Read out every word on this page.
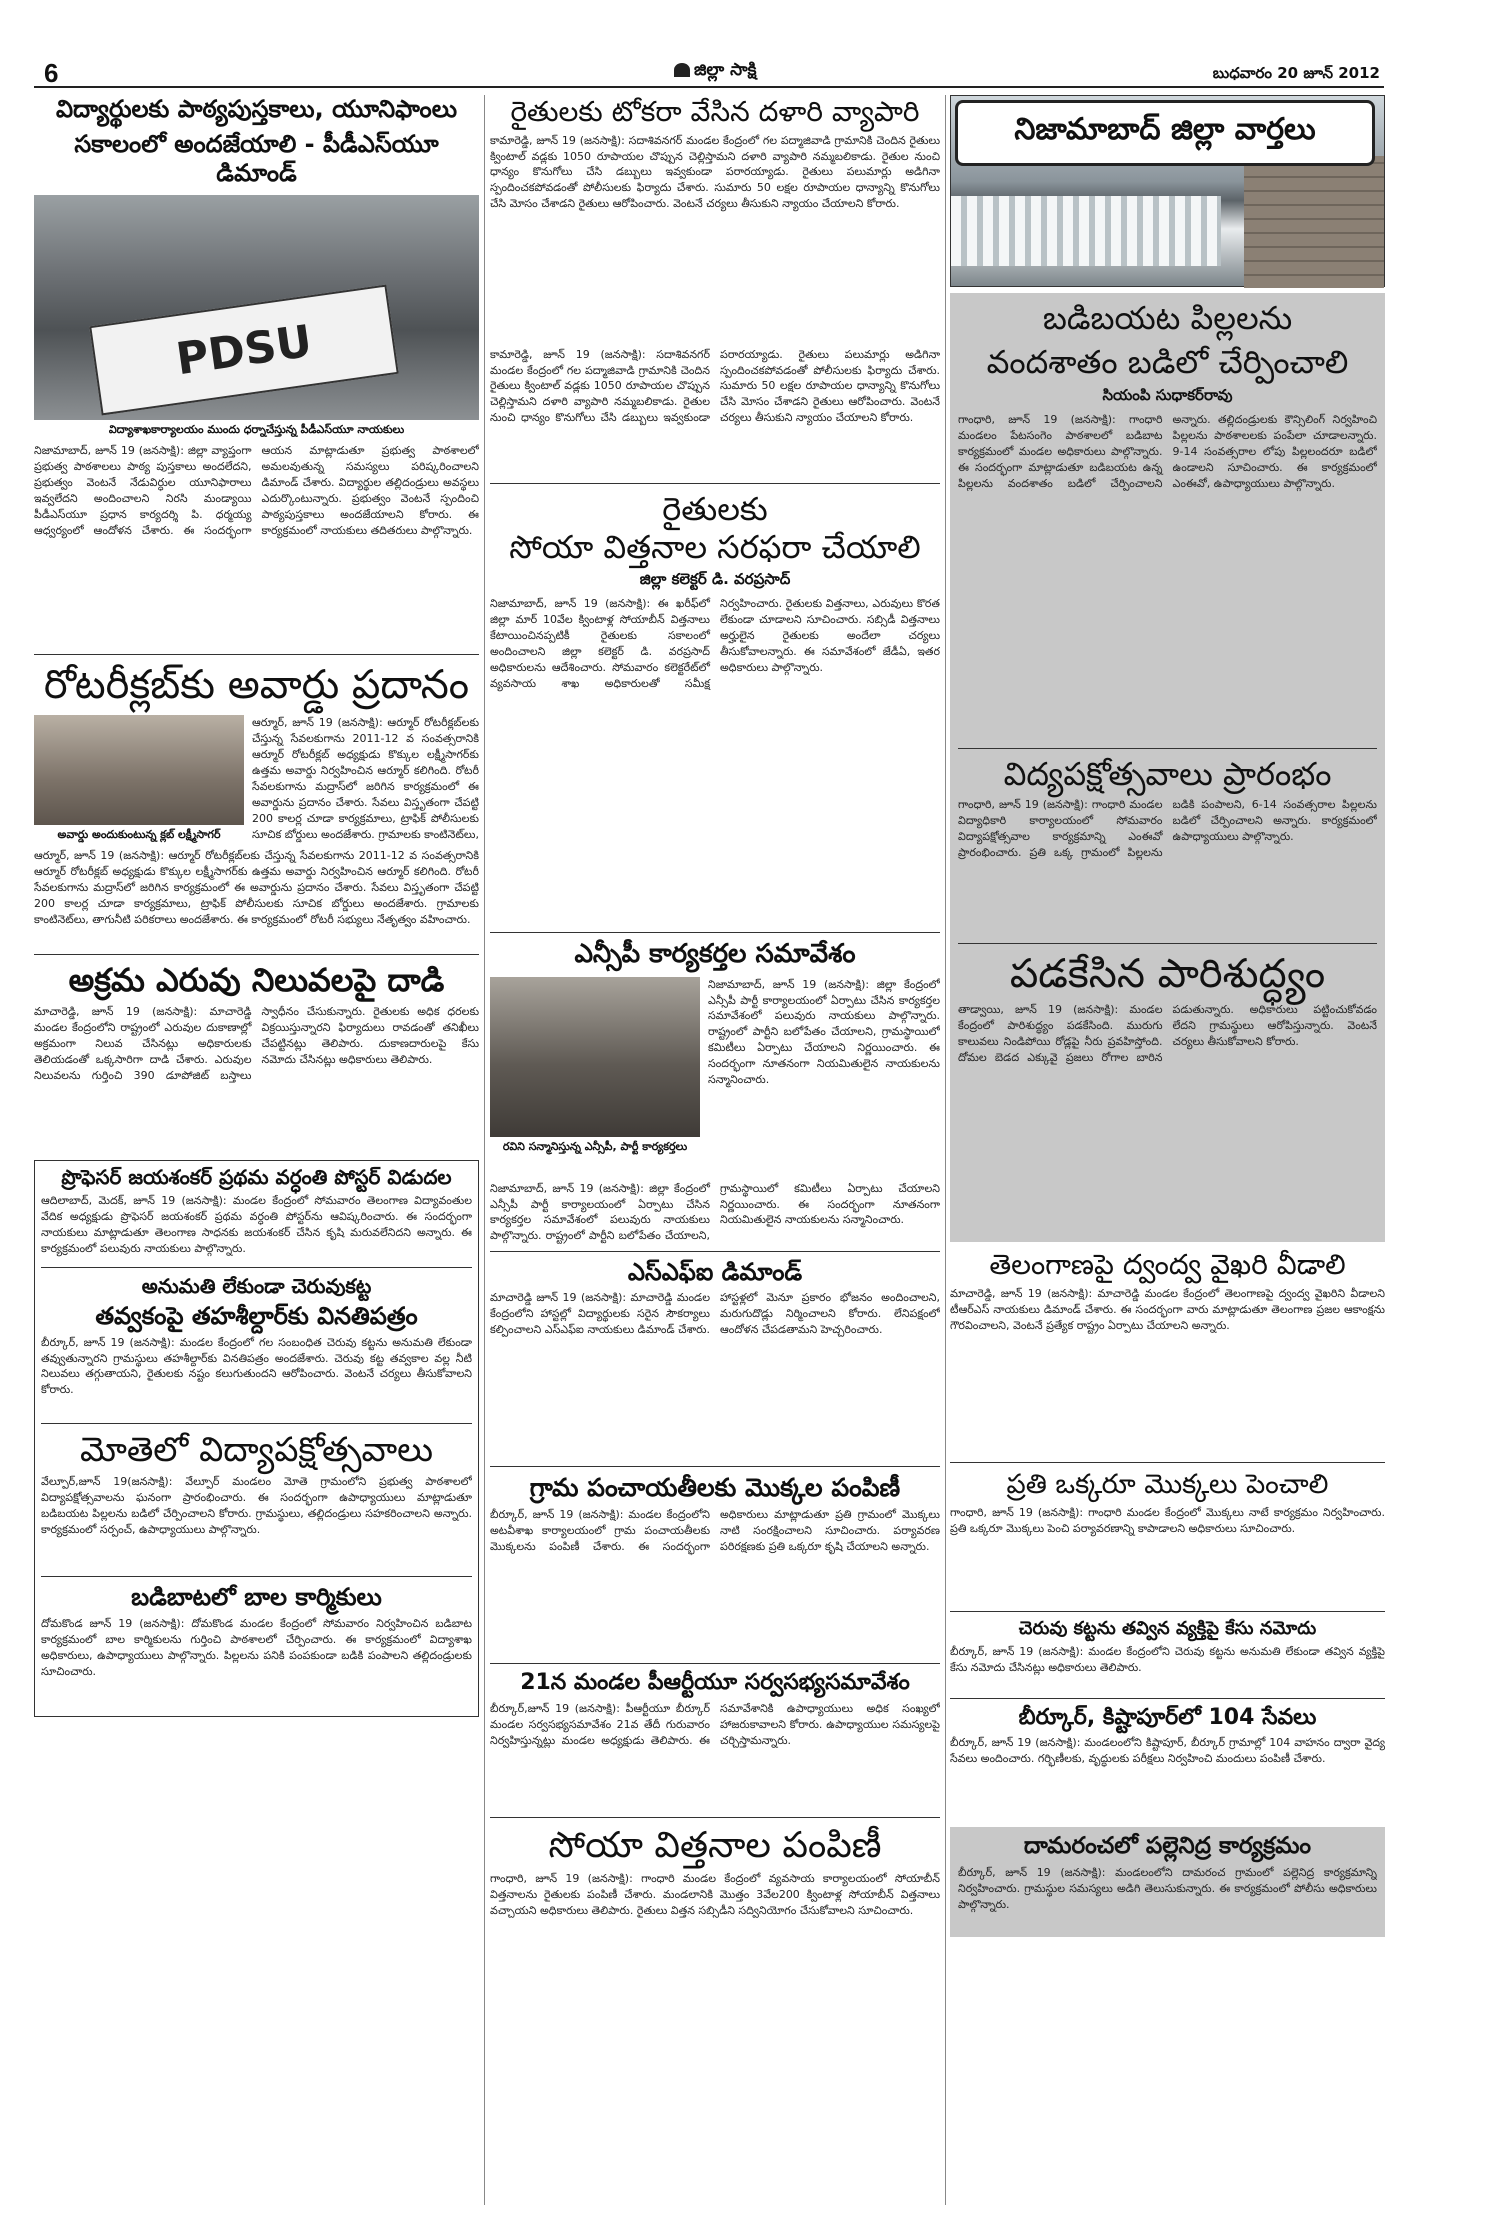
6	జిల్లా సాక్షి	బుధవారం 20 జూన్ 2012
విద్యార్థులకు పాఠ్యపుస్తకాలు, యూనిఫాంలు
సకాలంలో అందజేయాలి - పీడీఎస్‌యూ డిమాండ్
PDSU
విద్యాశాఖకార్యాలయం ముందు ధర్నాచేస్తున్న పీడీఎస్‌యూ నాయకులు
నిజామాబాద్, జూన్ 19 (జనసాక్షి): జిల్లా వ్యాప్తంగా ప్రభుత్వ పాఠశాలలు పాఠ్య పుస్తకాలు అందలేదని, ప్రభుత్వం వెంటనే నేడువిర్ధుల యూనిఫారాలు ఇవ్వలేదని అందించాలని నిరసి మండ్యాయి పీడీఎస్‌యూ ప్రధాన కార్యదర్శి పి. ధర్మయ్య ఆధ్వర్యంలో ఆందోళన చేశారు. ఈ సందర్భంగా ఆయన మాట్లాడుతూ ప్రభుత్వ పాఠశాలలో అమలవుతున్న సమస్యలు పరిష్కరించాలని డిమాండ్ చేశారు. విద్యార్థుల తల్లిదండ్రులు అవస్థలు ఎదుర్కొంటున్నారు. ప్రభుత్వం వెంటనే స్పందించి పాఠ్యపుస్తకాలు అందజేయాలని కోరారు. ఈ కార్యక్రమంలో నాయకులు తదితరులు పాల్గొన్నారు.
రోటరీక్లబ్‌కు అవార్డు ప్రదానం
అవార్డు అందుకుంటున్న క్లబ్ లక్ష్మీసాగర్
ఆర్మూర్, జూన్ 19 (జనసాక్షి): ఆర్మూర్ రోటరీక్లబ్‌లకు చేస్తున్న సేవలకుగాను 2011-12 వ సంవత్సరానికి ఆర్మూర్ రోటరీక్లబ్ అధ్యక్షుడు కొక్కుల లక్ష్మీసాగర్‌కు ఉత్తమ అవార్డు నిర్వహించిన ఆర్మూర్ కలిగింది. రోటరీ సేవలకుగాను మద్రాస్‌లో జరిగిన కార్యక్రమంలో ఈ అవార్డును ప్రదానం చేశారు. సేవలు విస్తృతంగా చేపట్టి 200 కాలర్ల చూడా కార్యక్రమాలు, ట్రాఫిక్ పోలీసులకు సూచిక బోర్డులు అందజేశారు. గ్రామాలకు కాంటినెట్‌లు,
ఆర్మూర్, జూన్ 19 (జనసాక్షి): ఆర్మూర్ రోటరీక్లబ్‌లకు చేస్తున్న సేవలకుగాను 2011-12 వ సంవత్సరానికి ఆర్మూర్ రోటరీక్లబ్ అధ్యక్షుడు కొక్కుల లక్ష్మీసాగర్‌కు ఉత్తమ అవార్డు నిర్వహించిన ఆర్మూర్ కలిగింది. రోటరీ సేవలకుగాను మద్రాస్‌లో జరిగిన కార్యక్రమంలో ఈ అవార్డును ప్రదానం చేశారు. సేవలు విస్తృతంగా చేపట్టి 200 కాలర్ల చూడా కార్యక్రమాలు, ట్రాఫిక్ పోలీసులకు సూచిక బోర్డులు అందజేశారు. గ్రామాలకు కాంటినెట్‌లు, తాగునీటి పరికరాలు అందజేశారు. ఈ కార్యక్రమంలో రోటరీ సభ్యులు నేతృత్వం వహించారు.
అక్రమ ఎరువు నిలువలపై దాడి
మాచారెడ్డి, జూన్ 19 (జనసాక్షి): మాచారెడ్డి మండల కేంద్రంలోని రాష్ట్రంలో ఎరువుల దుకాణాల్లో అక్రమంగా నిలువ చేసినట్లు అధికారులకు తెలియడంతో ఒక్కసారిగా దాడి చేశారు. ఎరువుల నిలువలను గుర్తించి 390 డూపోజిట్ బస్తాలు స్వాధీనం చేసుకున్నారు. రైతులకు అధిక ధరలకు విక్రయిస్తున్నారని ఫిర్యాదులు రావడంతో తనిఖీలు చేపట్టినట్లు తెలిపారు. దుకాణదారులపై కేసు నమోదు చేసినట్లు అధికారులు తెలిపారు.
ప్రొఫెసర్ జయశంకర్ ప్రథమ వర్ధంతి పోస్టర్ విడుదల
ఆదిలాబాద్, మెదక్, జూన్ 19 (జనసాక్షి): మండల కేంద్రంలో సోమవారం తెలంగాణ విద్యావంతుల వేదిక అధ్యక్షుడు ప్రొఫెసర్ జయశంకర్ ప్రథమ వర్ధంతి పోస్టర్‌ను ఆవిష్కరించారు. ఈ సందర్భంగా నాయకులు మాట్లాడుతూ తెలంగాణ సాధనకు జయశంకర్ చేసిన కృషి మరువలేనిదని అన్నారు. ఈ కార్యక్రమంలో పలువురు నాయకులు పాల్గొన్నారు.
అనుమతి లేకుండా చెరువుకట్ట
తవ్వకంపై తహశీల్దార్‌కు వినతిపత్రం
బీర్కూర్, జూన్ 19 (జనసాక్షి): మండల కేంద్రంలో గల సంబంధిత చెరువు కట్టను అనుమతి లేకుండా తవ్వుతున్నారని గ్రామస్థులు తహశీల్దార్‌కు వినతిపత్రం అందజేశారు. చెరువు కట్ట తవ్వకాల వల్ల నీటి నిలువలు తగ్గుతాయని, రైతులకు నష్టం కలుగుతుందని ఆరోపించారు. వెంటనే చర్యలు తీసుకోవాలని కోరారు.
మోతెలో విద్యాపక్షోత్సవాలు
వేల్పూర్,జూన్ 19(జనసాక్షి): వేల్పూర్ మండలం మోతె గ్రామంలోని ప్రభుత్వ పాఠశాలలో విద్యాపక్షోత్సవాలను ఘనంగా ప్రారంభించారు. ఈ సందర్భంగా ఉపాధ్యాయులు మాట్లాడుతూ బడిబయట పిల్లలను బడిలో చేర్పించాలని కోరారు. గ్రామస్థులు, తల్లిదండ్రులు సహకరించాలని అన్నారు. కార్యక్రమంలో సర్పంచ్, ఉపాధ్యాయులు పాల్గొన్నారు.
బడిబాటలో బాల కార్మికులు
దోమకొండ జూన్ 19 (జనసాక్షి): దోమకొండ మండల కేంద్రంలో సోమవారం నిర్వహించిన బడిబాట కార్యక్రమంలో బాల కార్మికులను గుర్తించి పాఠశాలలో చేర్పించారు. ఈ కార్యక్రమంలో విద్యాశాఖ అధికారులు, ఉపాధ్యాయులు పాల్గొన్నారు. పిల్లలను పనికి పంపకుండా బడికి పంపాలని తల్లిదండ్రులకు సూచించారు.
రైతులకు టోకరా వేసిన దళారి వ్యాపారి
కామారెడ్డి, జూన్ 19 (జనసాక్షి): సదాశివనగర్ మండల కేంద్రంలో గల పద్మాజివాడి గ్రామానికి చెందిన రైతులు క్వింటాల్ వడ్లకు 1050 రూపాయల చొప్పున చెల్లిస్తామని దళారి వ్యాపారి నమ్మబలికాడు. రైతుల నుంచి ధాన్యం కొనుగోలు చేసి డబ్బులు ఇవ్వకుండా పరారయ్యాడు. రైతులు పలుమార్లు అడిగినా స్పందించకపోవడంతో పోలీసులకు ఫిర్యాదు చేశారు. సుమారు 50 లక్షల రూపాయల ధాన్యాన్ని కొనుగోలు చేసి మోసం చేశాడని రైతులు ఆరోపించారు. వెంటనే చర్యలు తీసుకుని న్యాయం చేయాలని కోరారు.
కామారెడ్డి, జూన్ 19 (జనసాక్షి): సదాశివనగర్ మండల కేంద్రంలో గల పద్మాజివాడి గ్రామానికి చెందిన రైతులు క్వింటాల్ వడ్లకు 1050 రూపాయల చొప్పున చెల్లిస్తామని దళారి వ్యాపారి నమ్మబలికాడు. రైతుల నుంచి ధాన్యం కొనుగోలు చేసి డబ్బులు ఇవ్వకుండా పరారయ్యాడు. రైతులు పలుమార్లు అడిగినా స్పందించకపోవడంతో పోలీసులకు ఫిర్యాదు చేశారు. సుమారు 50 లక్షల రూపాయల ధాన్యాన్ని కొనుగోలు చేసి మోసం చేశాడని రైతులు ఆరోపించారు. వెంటనే చర్యలు తీసుకుని న్యాయం చేయాలని కోరారు.
రైతులకు
సోయా విత్తనాల సరఫరా చేయాలి
జిల్లా కలెక్టర్ డి. వరప్రసాద్
నిజామాబాద్, జూన్ 19 (జనసాక్షి): ఈ ఖరీఫ్‌లో జిల్లా మార్ 10వేల క్వింటాళ్ల సోయాబీన్ విత్తనాలు కేటాయించినప్పటికీ రైతులకు సకాలంలో అందించాలని జిల్లా కలెక్టర్ డి. వరప్రసాద్ అధికారులను ఆదేశించారు. సోమవారం కలెక్టరేట్‌లో వ్యవసాయ శాఖ అధికారులతో సమీక్ష నిర్వహించారు. రైతులకు విత్తనాలు, ఎరువులు కొరత లేకుండా చూడాలని సూచించారు. సబ్సిడీ విత్తనాలు అర్హులైన రైతులకు అందేలా చర్యలు తీసుకోవాలన్నారు. ఈ సమావేశంలో జేడీఏ, ఇతర అధికారులు పాల్గొన్నారు.
ఎన్సీపీ కార్యకర్తల సమావేశం
రవిని సన్మానిస్తున్న ఎన్సీపీ, పార్టీ కార్యకర్తలు
నిజామాబాద్, జూన్ 19 (జనసాక్షి): జిల్లా కేంద్రంలో ఎన్సీపీ పార్టీ కార్యాలయంలో ఏర్పాటు చేసిన కార్యకర్తల సమావేశంలో పలువురు నాయకులు పాల్గొన్నారు. రాష్ట్రంలో పార్టీని బలోపేతం చేయాలని, గ్రామస్థాయిలో కమిటీలు ఏర్పాటు చేయాలని నిర్ణయించారు. ఈ సందర్భంగా నూతనంగా నియమితులైన నాయకులను సన్మానించారు.
నిజామాబాద్, జూన్ 19 (జనసాక్షి): జిల్లా కేంద్రంలో ఎన్సీపీ పార్టీ కార్యాలయంలో ఏర్పాటు చేసిన కార్యకర్తల సమావేశంలో పలువురు నాయకులు పాల్గొన్నారు. రాష్ట్రంలో పార్టీని బలోపేతం చేయాలని, గ్రామస్థాయిలో కమిటీలు ఏర్పాటు చేయాలని నిర్ణయించారు. ఈ సందర్భంగా నూతనంగా నియమితులైన నాయకులను సన్మానించారు.
ఎస్ఎఫ్ఐ డిమాండ్
మాచారెడ్డి జూన్ 19 (జనసాక్షి): మాచారెడ్డి మండల కేంద్రంలోని హాస్టల్లో విద్యార్థులకు సరైన సౌకర్యాలు కల్పించాలని ఎస్ఎఫ్ఐ నాయకులు డిమాండ్ చేశారు. హాస్టళ్లలో మెనూ ప్రకారం భోజనం అందించాలని, మరుగుదొడ్లు నిర్మించాలని కోరారు. లేనిపక్షంలో ఆందోళన చేపడతామని హెచ్చరించారు.
గ్రామ పంచాయతీలకు మొక్కల పంపిణీ
బీర్కూర్, జూన్ 19 (జనసాక్షి): మండల కేంద్రంలోని అటవీశాఖ కార్యాలయంలో గ్రామ పంచాయతీలకు మొక్కలను పంపిణీ చేశారు. ఈ సందర్భంగా అధికారులు మాట్లాడుతూ ప్రతి గ్రామంలో మొక్కలు నాటి సంరక్షించాలని సూచించారు. పర్యావరణ పరిరక్షణకు ప్రతి ఒక్కరూ కృషి చేయాలని అన్నారు.
21న మండల పీఆర్టీయూ సర్వసభ్యసమావేశం
బీర్కూర్,జూన్ 19 (జనసాక్షి): పీఆర్టీయూ బీర్కూర్ మండల సర్వసభ్యసమావేశం 21వ తేదీ గురువారం నిర్వహిస్తున్నట్లు మండల అధ్యక్షుడు తెలిపారు. ఈ సమావేశానికి ఉపాధ్యాయులు అధిక సంఖ్యలో హాజరుకావాలని కోరారు. ఉపాధ్యాయుల సమస్యలపై చర్చిస్తామన్నారు.
సోయా విత్తనాల పంపిణీ
గాంధారి, జూన్ 19 (జనసాక్షి): గాంధారి మండల కేంద్రంలో వ్యవసాయ కార్యాలయంలో సోయాబీన్ విత్తనాలను రైతులకు పంపిణీ చేశారు. మండలానికి మొత్తం 3వేల200 క్వింటాళ్ల సోయాబీన్ విత్తనాలు వచ్చాయని అధికారులు తెలిపారు. రైతులు విత్తన సబ్సిడీని సద్వినియోగం చేసుకోవాలని సూచించారు.
నిజామాబాద్ జిల్లా వార్తలు
బడిబయట పిల్లలను
వందశాతం బడిలో చేర్పించాలి
సియంపి సుధాకర్‌రావు
గాంధారి, జూన్ 19 (జనసాక్షి): గాంధారి మండలం పేటసంగెం పాఠశాలలో బడిబాట కార్యక్రమంలో మండల అధికారులు పాల్గొన్నారు. ఈ సందర్భంగా మాట్లాడుతూ బడిబయట ఉన్న పిల్లలను వందశాతం బడిలో చేర్పించాలని అన్నారు. తల్లిదండ్రులకు కౌన్సిలింగ్ నిర్వహించి పిల్లలను పాఠశాలలకు పంపేలా చూడాలన్నారు. 9-14 సంవత్సరాల లోపు పిల్లలందరూ బడిలో ఉండాలని సూచించారు. ఈ కార్యక్రమంలో ఎంఈవో, ఉపాధ్యాయులు పాల్గొన్నారు.
విద్యపక్షోత్సవాలు ప్రారంభం
గాంధారి, జూన్ 19 (జనసాక్షి): గాంధారి మండల విద్యాధికారి కార్యాలయంలో సోమవారం విద్యాపక్షోత్సవాల కార్యక్రమాన్ని ఎంఈవో ప్రారంభించారు. ప్రతి ఒక్క గ్రామంలో పిల్లలను బడికి పంపాలని, 6-14 సంవత్సరాల పిల్లలను బడిలో చేర్పించాలని అన్నారు. కార్యక్రమంలో ఉపాధ్యాయులు పాల్గొన్నారు.
పడకేసిన పారిశుద్ధ్యం
తాడ్వాయి, జూన్ 19 (జనసాక్షి): మండల కేంద్రంలో పారిశుద్ధ్యం పడకేసింది. మురుగు కాలువలు నిండిపోయి రోడ్లపై నీరు ప్రవహిస్తోంది. దోమల బెడద ఎక్కువై ప్రజలు రోగాల బారిన పడుతున్నారు. అధికారులు పట్టించుకోవడం లేదని గ్రామస్థులు ఆరోపిస్తున్నారు. వెంటనే చర్యలు తీసుకోవాలని కోరారు.
తెలంగాణపై ద్వంద్వ వైఖరి వీడాలి
మాచారెడ్డి, జూన్ 19 (జనసాక్షి): మాచారెడ్డి మండల కేంద్రంలో తెలంగాణపై ద్వంద్వ వైఖరిని వీడాలని టీఆర్ఎస్ నాయకులు డిమాండ్ చేశారు. ఈ సందర్భంగా వారు మాట్లాడుతూ తెలంగాణ ప్రజల ఆకాంక్షను గౌరవించాలని, వెంటనే ప్రత్యేక రాష్ట్రం ఏర్పాటు చేయాలని అన్నారు.
ప్రతి ఒక్కరూ మొక్కలు పెంచాలి
గాంధారి, జూన్ 19 (జనసాక్షి): గాంధారి మండల కేంద్రంలో మొక్కలు నాటే కార్యక్రమం నిర్వహించారు. ప్రతి ఒక్కరూ మొక్కలు పెంచి పర్యావరణాన్ని కాపాడాలని అధికారులు సూచించారు.
చెరువు కట్టను తవ్విన వ్యక్తిపై కేసు నమోదు
బీర్కూర్, జూన్ 19 (జనసాక్షి): మండల కేంద్రంలోని చెరువు కట్టను అనుమతి లేకుండా తవ్విన వ్యక్తిపై కేసు నమోదు చేసినట్లు అధికారులు తెలిపారు.
బీర్కూర్, కిష్టాపూర్‌లో 104 సేవలు
బీర్కూర్, జూన్ 19 (జనసాక్షి): మండలంలోని కిష్టాపూర్, బీర్కూర్ గ్రామాల్లో 104 వాహనం ద్వారా వైద్య సేవలు అందించారు. గర్భిణీలకు, వృద్ధులకు పరీక్షలు నిర్వహించి మందులు పంపిణీ చేశారు.
దామరంచలో పల్లెనిద్ర కార్యక్రమం
బీర్కూర్, జూన్ 19 (జనసాక్షి): మండలంలోని దామరంచ గ్రామంలో పల్లెనిద్ర కార్యక్రమాన్ని నిర్వహించారు. గ్రామస్థుల సమస్యలు అడిగి తెలుసుకున్నారు. ఈ కార్యక్రమంలో పోలీసు అధికారులు పాల్గొన్నారు.
